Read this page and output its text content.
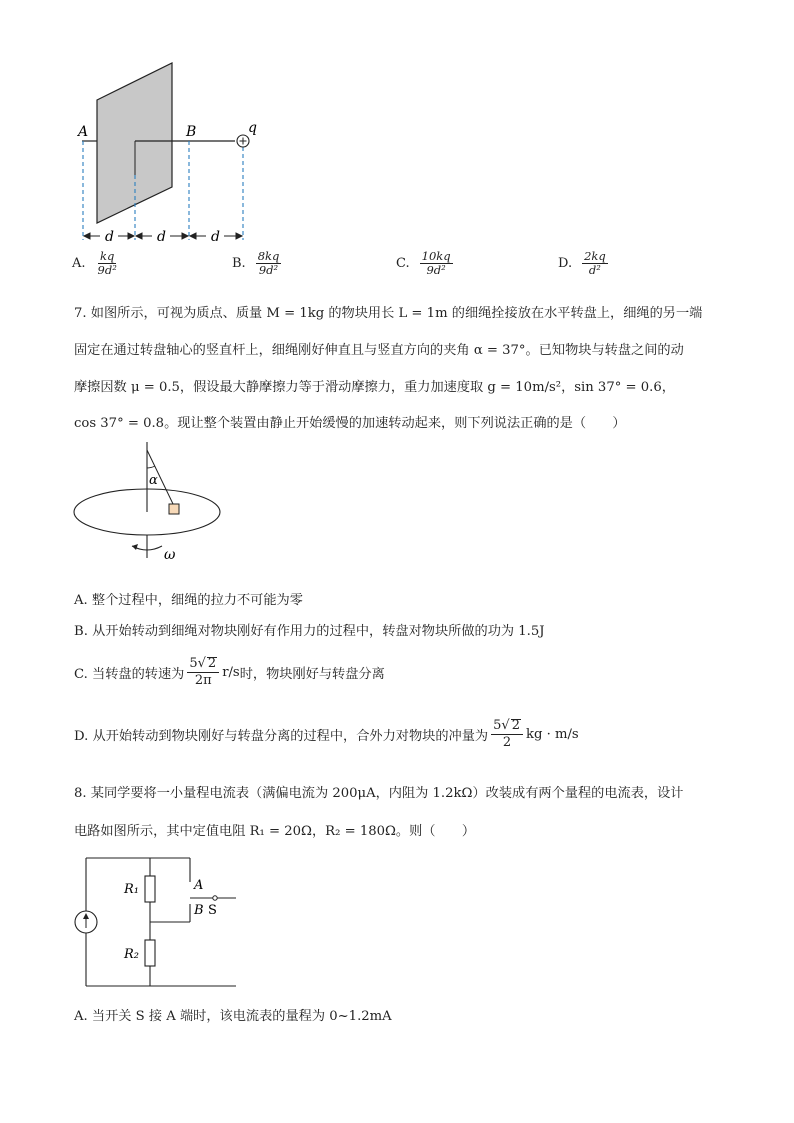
A	B	q
d	d	d
A. $\frac{kq}{\text{9d²}}$	B. $\frac{8kq}{\text{9d²}}$	C. $\frac{10kq}{\text{9d²}}$	D. $\frac{2kq}{\text{d²}}$
7. 如图所示，可视为质点、质量 M = 1kg 的物块用长 L = 1m 的细绳拴接放在水平转盘上，细绳的另一端
固定在通过转盘轴心的竖直杆上，细绳刚好伸直且与竖直方向的夹角 α = 37°。已知物块与转盘之间的动
摩擦因数 μ = 0.5，假设最大静摩擦力等于滑动摩擦力，重力加速度取 g = 10m/s²，sin 37° = 0.6，
cos 37° = 0.8。现让整个装置由静止开始缓慢的加速转动起来，则下列说法正确的是（　　）
α
ω
A. 整个过程中，细绳的拉力不可能为零
B. 从开始转动到细绳对物块刚好有作用力的过程中，转盘对物块所做的功为 1.5J
C. 当转盘的转速为 $\frac{5√ 2}{2\pi} r/s$ 时，物块刚好与转盘分离
D. 从开始转动到物块刚好与转盘分离的过程中，合外力对物块的冲量为 $\frac{5√ 2}{2}$ kg · m/s
8. 某同学要将一小量程电流表（满偏电流为 200μA，内阻为 1.2kΩ）改装成有两个量程的电流表，设计
电路如图所示，其中定值电阻 R₁ = 20Ω，R₂ = 180Ω。则（　　）
R₁
R₂
A
B S
A. 当开关 S 接 A 端时，该电流表的量程为 0~1.2mA
